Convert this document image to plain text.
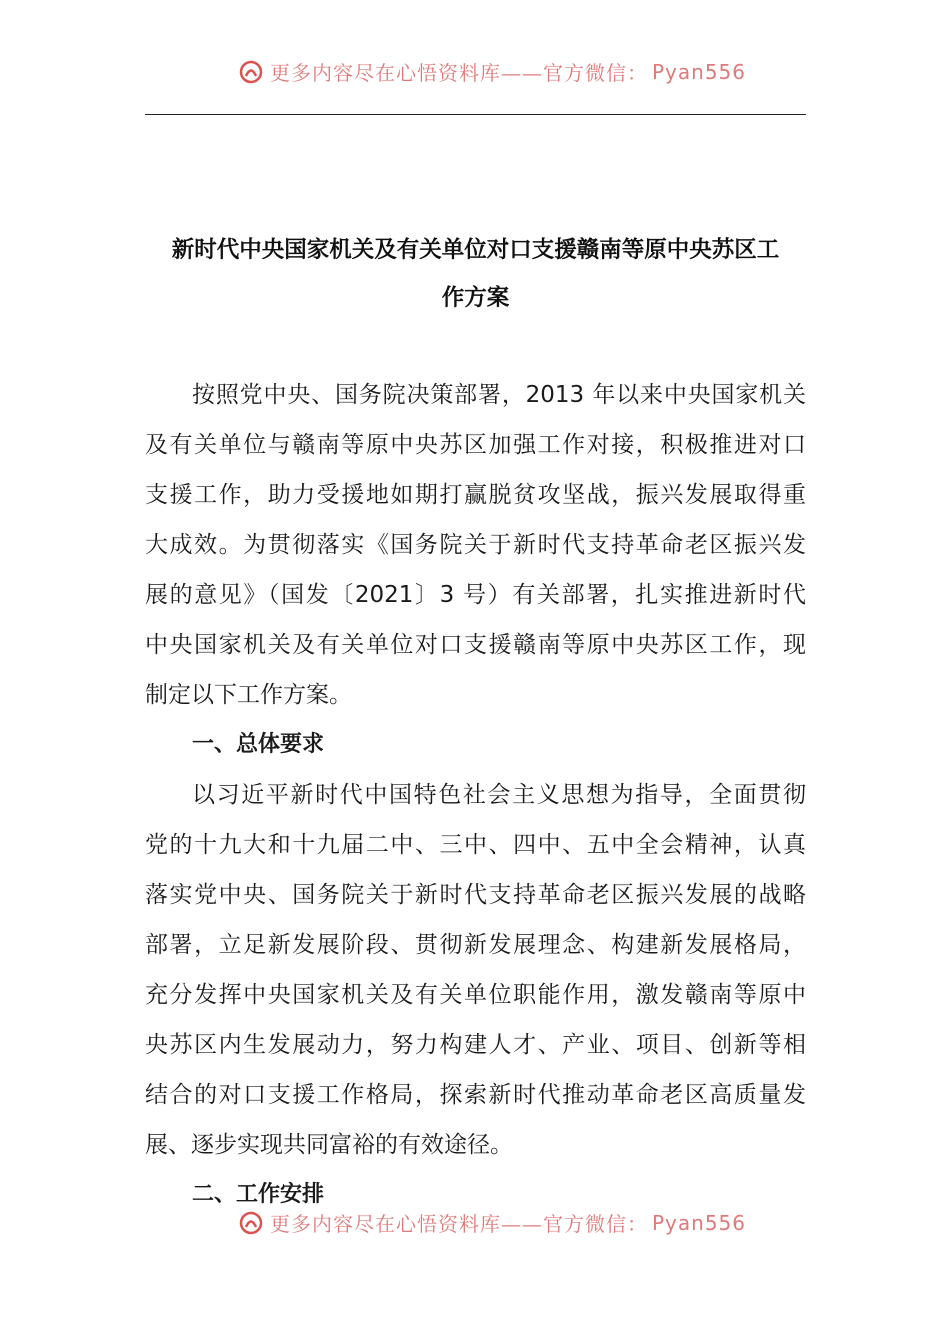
更多内容尽在心悟资料库——官方微信： Pyan556
新时代中央国家机关及有关单位对口支援赣南等原中央苏区工
作方案
按照党中央、国务院决策部署，2013 年以来中央国家机关
及有关单位与赣南等原中央苏区加强工作对接，积极推进对口
支援工作，助力受援地如期打赢脱贫攻坚战，振兴发展取得重
大成效。为贯彻落实《国务院关于新时代支持革命老区振兴发
展的意见》（国发〔2021〕3 号）有关部署，扎实推进新时代
中央国家机关及有关单位对口支援赣南等原中央苏区工作，现
制定以下工作方案。
一、总体要求
以习近平新时代中国特色社会主义思想为指导，全面贯彻
党的十九大和十九届二中、三中、四中、五中全会精神，认真
落实党中央、国务院关于新时代支持革命老区振兴发展的战略
部署，立足新发展阶段、贯彻新发展理念、构建新发展格局，
充分发挥中央国家机关及有关单位职能作用，激发赣南等原中
央苏区内生发展动力，努力构建人才、产业、项目、创新等相
结合的对口支援工作格局，探索新时代推动革命老区高质量发
展、逐步实现共同富裕的有效途径。
二、工作安排
更多内容尽在心悟资料库——官方微信： Pyan556
